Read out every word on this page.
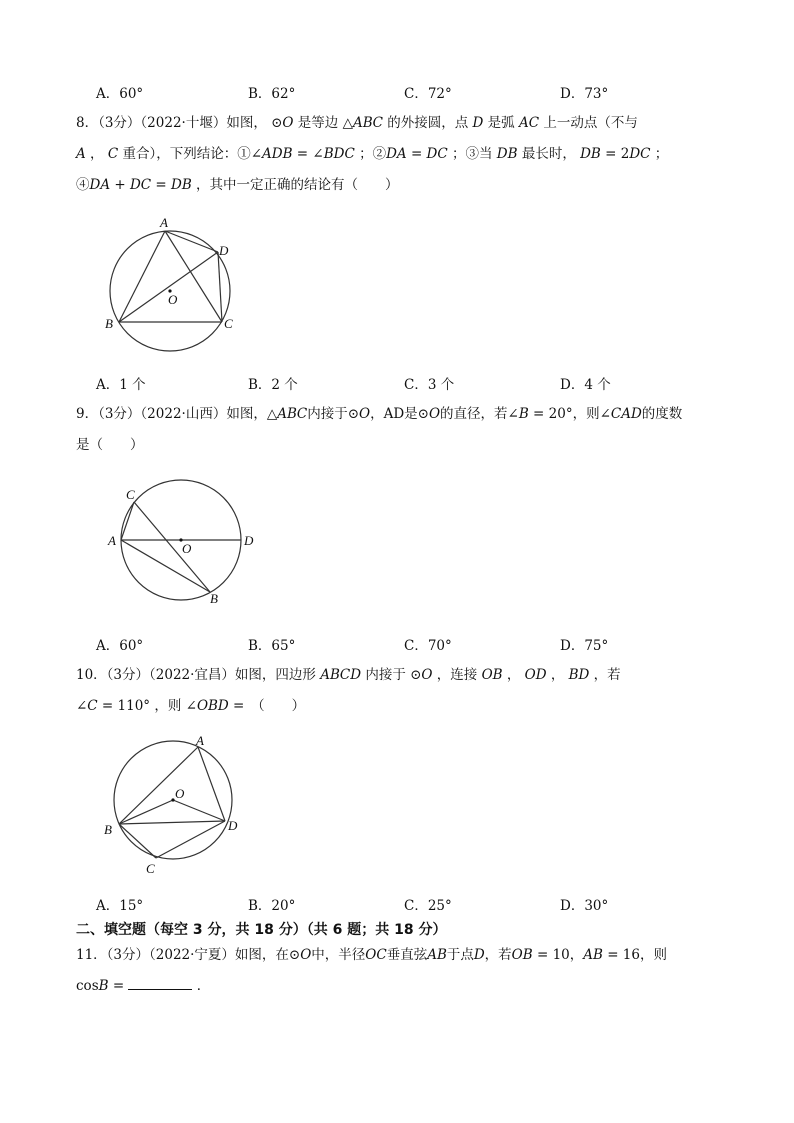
A．60°	B．62°	C．72°	D．73°
8．（3分）（2022·十堰）如图， ⊙𝑂 是等边 △𝐴𝐵𝐶 的外接圆，点 𝐷 是弧 𝐴𝐶 上一动点（不与
𝐴 ， 𝐶 重合），下列结论：①∠𝐴𝐷𝐵 = ∠𝐵𝐷𝐶 ；②𝐷𝐴 = 𝐷𝐶 ；③当 𝐷𝐵 最长时， 𝐷𝐵 = 2𝐷𝐶 ；
④𝐷𝐴 + 𝐷𝐶 = 𝐷𝐵 ，其中一定正确的结论有（　　）
A
D
O
B	C
A．1 个	B．2 个	C．3 个	D．4 个
9．（3分）（2022·山西）如图，△𝐴𝐵𝐶内接于⊙𝑂，AD是⊙𝑂的直径，若∠𝐵 = 20°，则∠𝐶𝐴𝐷的度数
是（　　）
C
A
O
D
B
A．60°	B．65°	C．70°	D．75°
10．（3分）（2022·宜昌）如图，四边形 𝐴𝐵𝐶𝐷 内接于 ⊙𝑂 ，连接 𝑂𝐵 ， 𝑂𝐷 ， 𝐵𝐷 ，若
∠𝐶 = 110° ，则 ∠𝑂𝐵𝐷 =　（　　）
A
O
B	D
C
A．15°	B．20°	C．25°	D．30°
二、填空题（每空 3 分，共 18 分）（共 6 题；共 18 分）
11．（3分）（2022·宁夏）如图，在⊙𝑂中，半径𝑂𝐶垂直弦𝐴𝐵于点𝐷，若𝑂𝐵 = 10，𝐴𝐵 = 16，则
cos𝐵 =	．
